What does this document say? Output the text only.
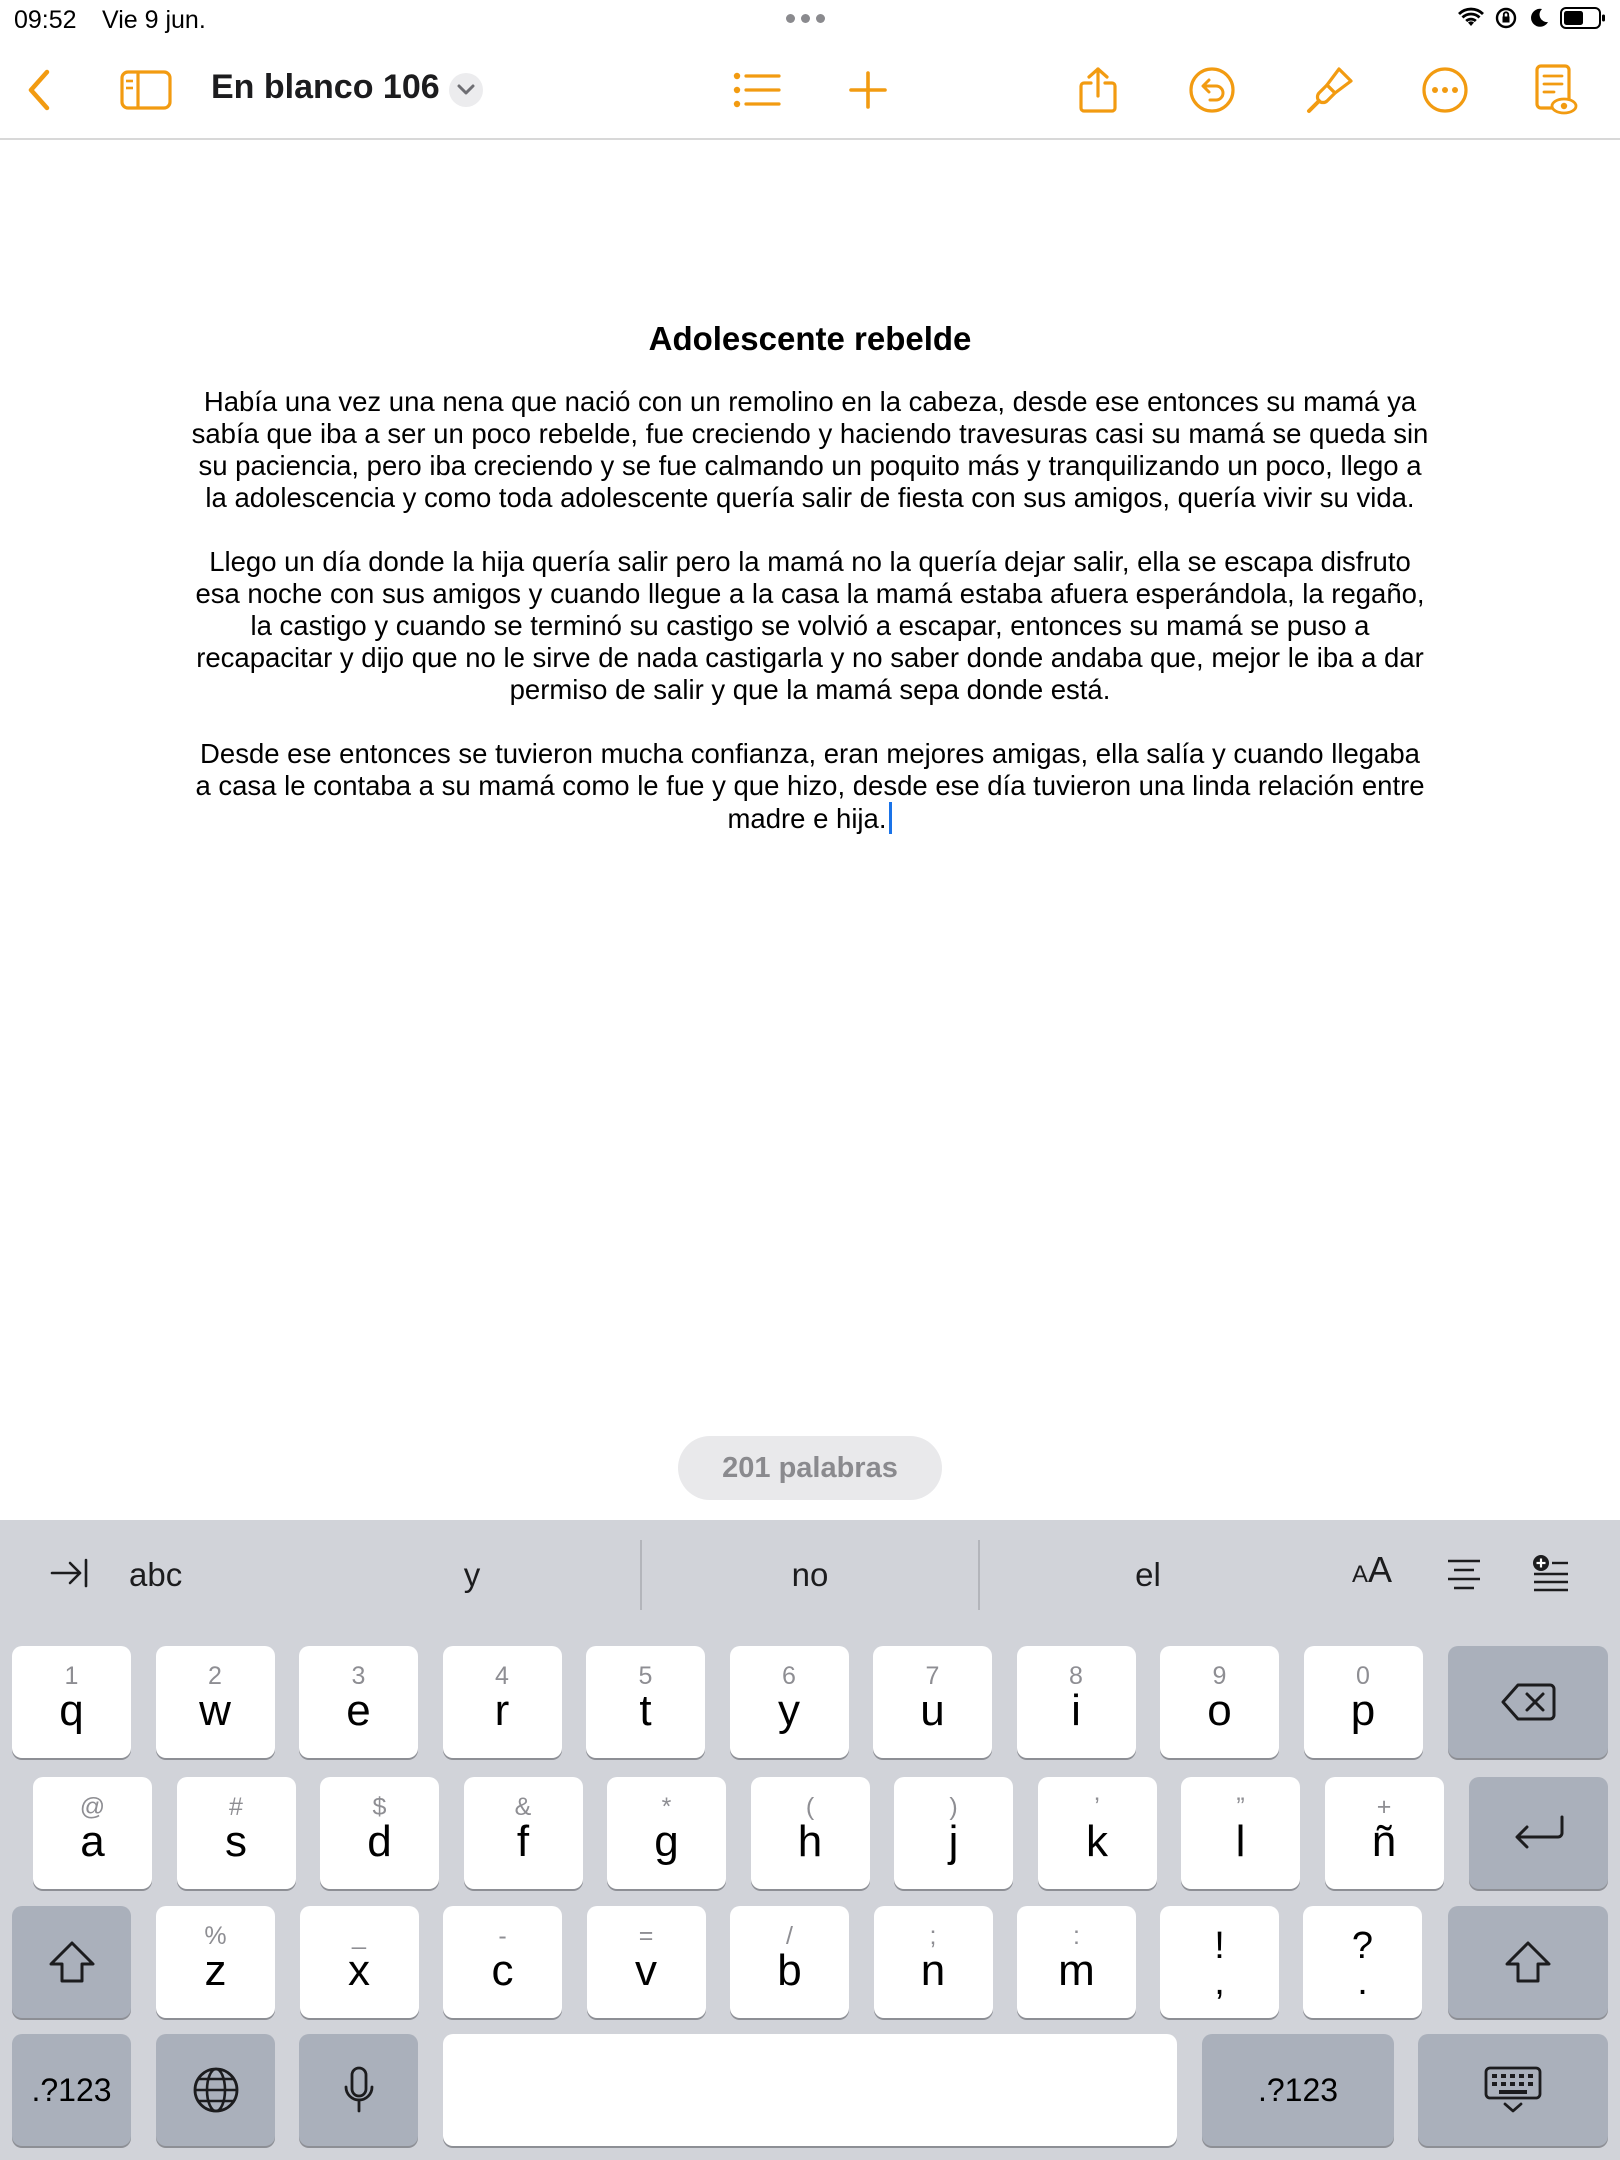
09:52 Vie 9 jun.
En blanco 106
Adolescente rebelde

Había una vez una nena que nació con un remolino en la cabeza, desde ese entonces su mamá ya sabía que iba a ser un poco rebelde, fue creciendo y haciendo travesuras casi su mamá se queda sin su paciencia, pero iba creciendo y se fue calmando un poquito más y tranquilizando un poco, llego a la adolescencia y como toda adolescente quería salir de fiesta con sus amigos, quería vivir su vida.

Llego un día donde la hija quería salir pero la mamá no la quería dejar salir, ella se escapa disfruto esa noche con sus amigos y cuando llegue a la casa la mamá estaba afuera esperándola, la regaño, la castigo y cuando se terminó su castigo se volvió a escapar, entonces su mamá se puso a recapacitar y dijo que no le sirve de nada castigarla y no saber donde andaba que, mejor le iba a dar permiso de salir y que la mamá sepa donde está.

Desde ese entonces se tuvieron mucha confianza, eran mejores amigas, ella salía y cuando llegaba a casa le contaba a su mamá como le fue y que hizo, desde ese día tuvieron una linda relación entre madre e hija.

201 palabras
abc	y	no	el	A A
1
q
2
w
3
e
4
r
5
t
6
y
7
u
8
i
9
o
0
p
@
a
#
s
$
d
&
f
*
g
(
h
)
j
’
k
”
l
+
ñ
%
z
_
x
-
c
=
v
/
b
;
n
:
m	!
,
?
.
.?123	.?123
